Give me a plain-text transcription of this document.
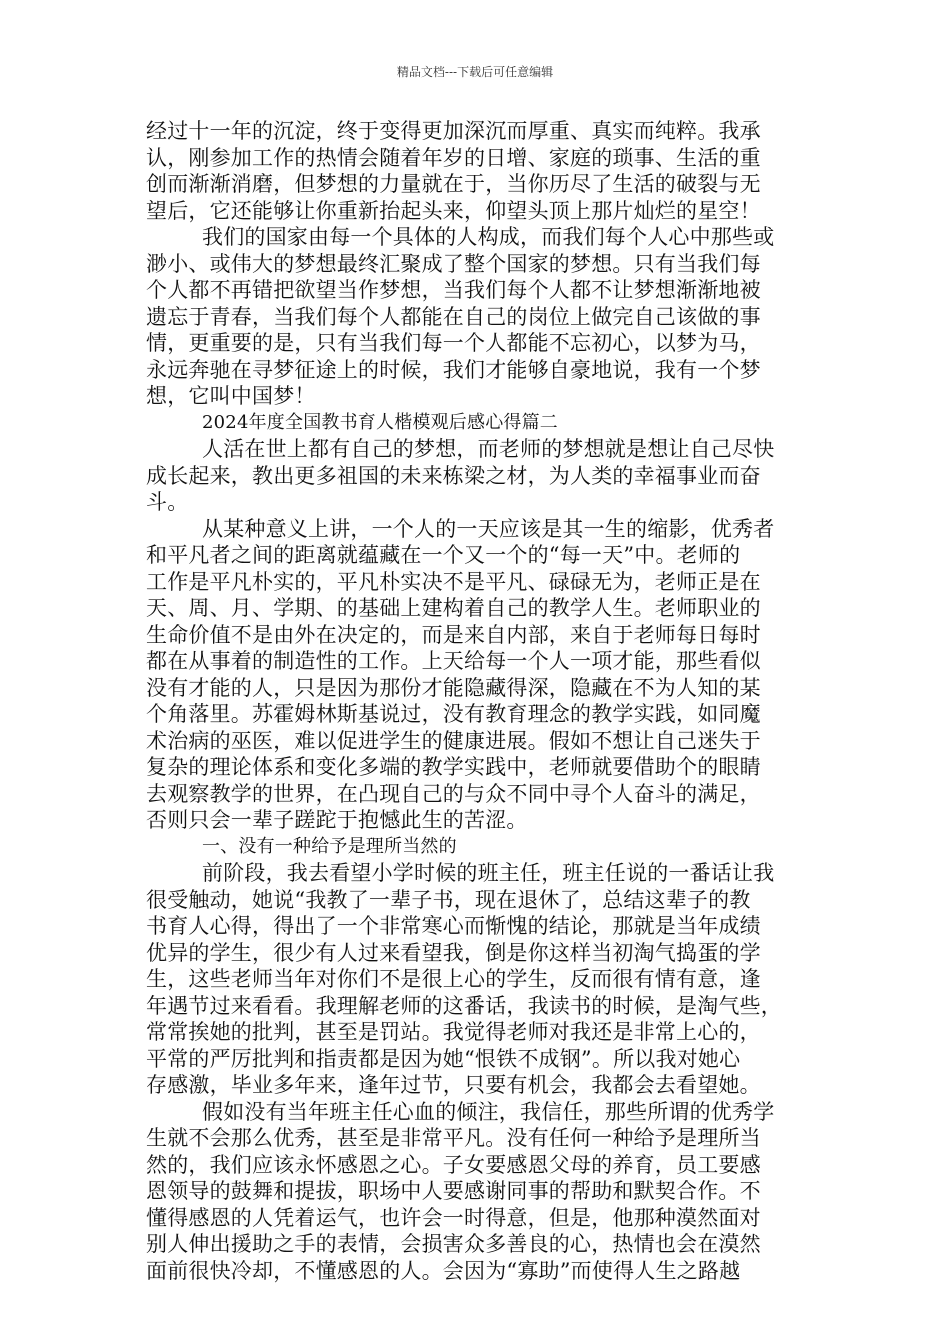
精品文档---下载后可任意编辑
经过十一年的沉淀，终于变得更加深沉而厚重、真实而纯粹。我承
认，刚参加工作的热情会随着年岁的日增、家庭的琐事、生活的重
创而渐渐消磨，但梦想的力量就在于，当你历尽了生活的破裂与无
望后，它还能够让你重新抬起头来，仰望头顶上那片灿烂的星空！
我们的国家由每一个具体的人构成，而我们每个人心中那些或
渺小、或伟大的梦想最终汇聚成了整个国家的梦想。只有当我们每
个人都不再错把欲望当作梦想，当我们每个人都不让梦想渐渐地被
遗忘于青春，当我们每个人都能在自己的岗位上做完自己该做的事
情，更重要的是，只有当我们每一个人都能不忘初心，以梦为马，
永远奔驰在寻梦征途上的时候，我们才能够自豪地说，我有一个梦
想，它叫中国梦！
2024年度全国教书育人楷模观后感心得篇二
人活在世上都有自己的梦想，而老师的梦想就是想让自己尽快
成长起来，教出更多祖国的未来栋梁之材，为人类的幸福事业而奋
斗。
从某种意义上讲，一个人的一天应该是其一生的缩影，优秀者
和平凡者之间的距离就蕴藏在一个又一个的“每一天”中。老师的
工作是平凡朴实的，平凡朴实决不是平凡、碌碌无为，老师正是在
天、周、月、学期、的基础上建构着自己的教学人生。老师职业的
生命价值不是由外在决定的，而是来自内部，来自于老师每日每时
都在从事着的制造性的工作。上天给每一个人一项才能，那些看似
没有才能的人，只是因为那份才能隐藏得深，隐藏在不为人知的某
个角落里。苏霍姆林斯基说过，没有教育理念的教学实践，如同魔
术治病的巫医，难以促进学生的健康进展。假如不想让自己迷失于
复杂的理论体系和变化多端的教学实践中，老师就要借助个的眼睛
去观察教学的世界，在凸现自己的与众不同中寻个人奋斗的满足，
否则只会一辈子蹉跎于抱憾此生的苦涩。
一、没有一种给予是理所当然的
前阶段，我去看望小学时候的班主任，班主任说的一番话让我
很受触动，她说“我教了一辈子书，现在退休了，总结这辈子的教
书育人心得，得出了一个非常寒心而惭愧的结论，那就是当年成绩
优异的学生，很少有人过来看望我，倒是你这样当初淘气捣蛋的学
生，这些老师当年对你们不是很上心的学生，反而很有情有意，逢
年遇节过来看看。我理解老师的这番话，我读书的时候，是淘气些，
常常挨她的批判，甚至是罚站。我觉得老师对我还是非常上心的，
平常的严厉批判和指责都是因为她“恨铁不成钢”。所以我对她心
存感激，毕业多年来，逢年过节，只要有机会，我都会去看望她。
假如没有当年班主任心血的倾注，我信任，那些所谓的优秀学
生就不会那么优秀，甚至是非常平凡。没有任何一种给予是理所当
然的，我们应该永怀感恩之心。子女要感恩父母的养育，员工要感
恩领导的鼓舞和提拔，职场中人要感谢同事的帮助和默契合作。不
懂得感恩的人凭着运气，也许会一时得意，但是，他那种漠然面对
别人伸出援助之手的表情，会损害众多善良的心，热情也会在漠然
面前很快冷却，不懂感恩的人。会因为“寡助”而使得人生之路越
